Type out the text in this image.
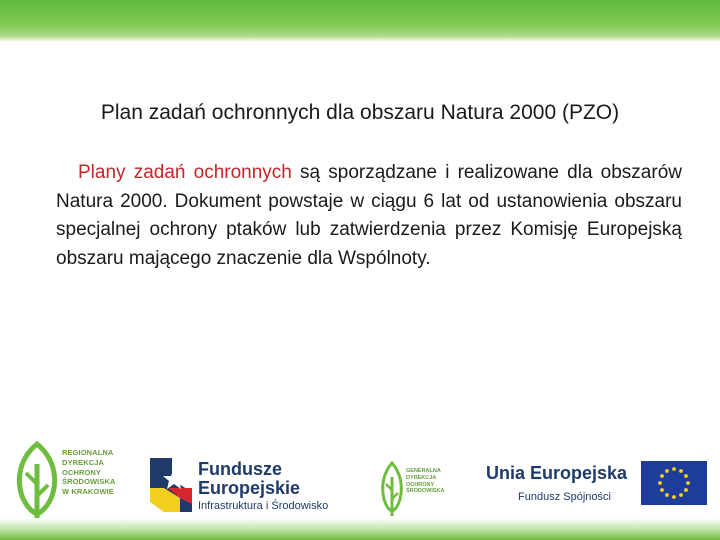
Plan zadań ochronnych dla obszaru Natura 2000 (PZO)

Plany zadań ochronnych są sporządzane i realizowane dla obszarów Natura 2000. Dokument powstaje w ciągu 6 lat od ustanowienia obszaru specjalnej ochrony ptaków lub zatwierdzenia przez Komisję Europejską obszaru mającego znaczenie dla Wspólnoty.

REGIONALNA
DYREKCJA
OCHRONY
ŚRODOWISKA
W KRAKOWIE
Fundusze
Europejskie
Infrastruktura i Środowisko
GENERALNA
DYREKCJA
OCHRONY
ŚRODOWISKA
Unia Europejska
Fundusz Spójności
